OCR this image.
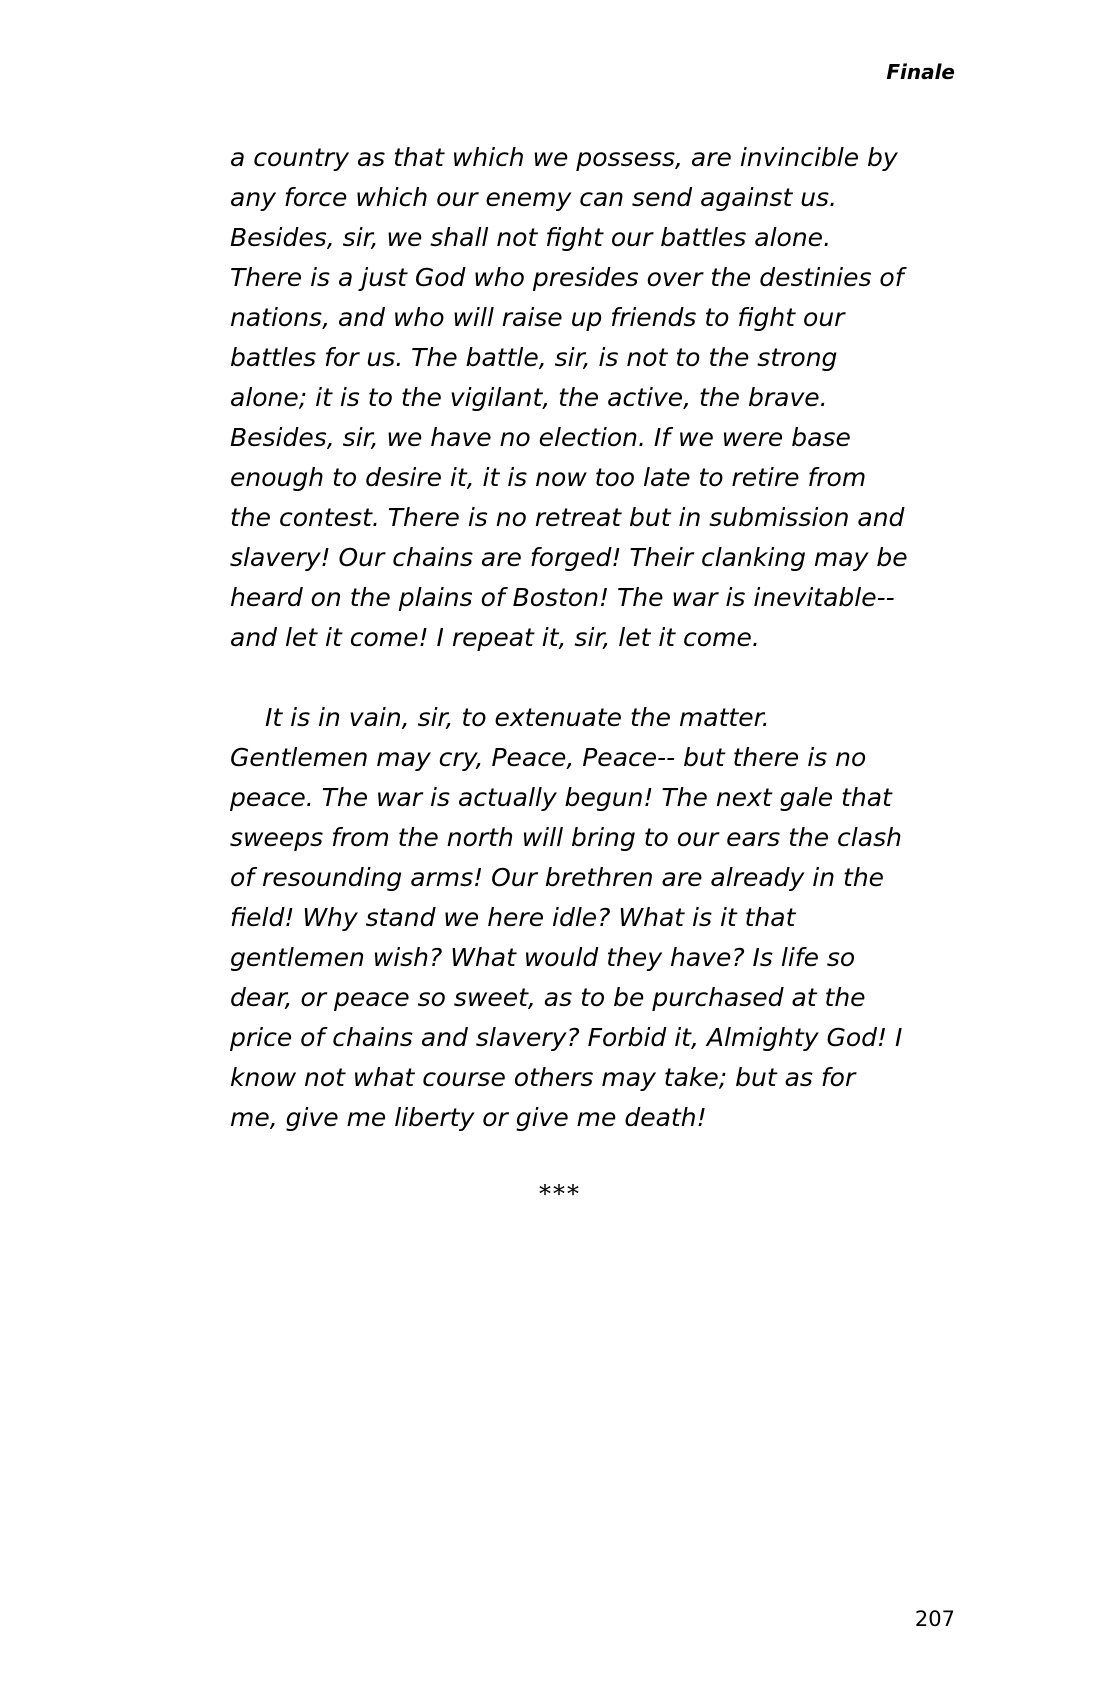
Finale
a country as that which we possess, are invincible by
any force which our enemy can send against us.
Besides, sir, we shall not fight our battles alone.
There is a just God who presides over the destinies of
nations, and who will raise up friends to fight our
battles for us. The battle, sir, is not to the strong
alone; it is to the vigilant, the active, the brave.
Besides, sir, we have no election. If we were base
enough to desire it, it is now too late to retire from
the contest. There is no retreat but in submission and
slavery! Our chains are forged! Their clanking may be
heard on the plains of Boston! The war is inevitable--
and let it come! I repeat it, sir, let it come.
It is in vain, sir, to extenuate the matter.
Gentlemen may cry, Peace, Peace-- but there is no
peace. The war is actually begun! The next gale that
sweeps from the north will bring to our ears the clash
of resounding arms! Our brethren are already in the
field! Why stand we here idle? What is it that
gentlemen wish? What would they have? Is life so
dear, or peace so sweet, as to be purchased at the
price of chains and slavery? Forbid it, Almighty God! I
know not what course others may take; but as for
me, give me liberty or give me death!
***
207
